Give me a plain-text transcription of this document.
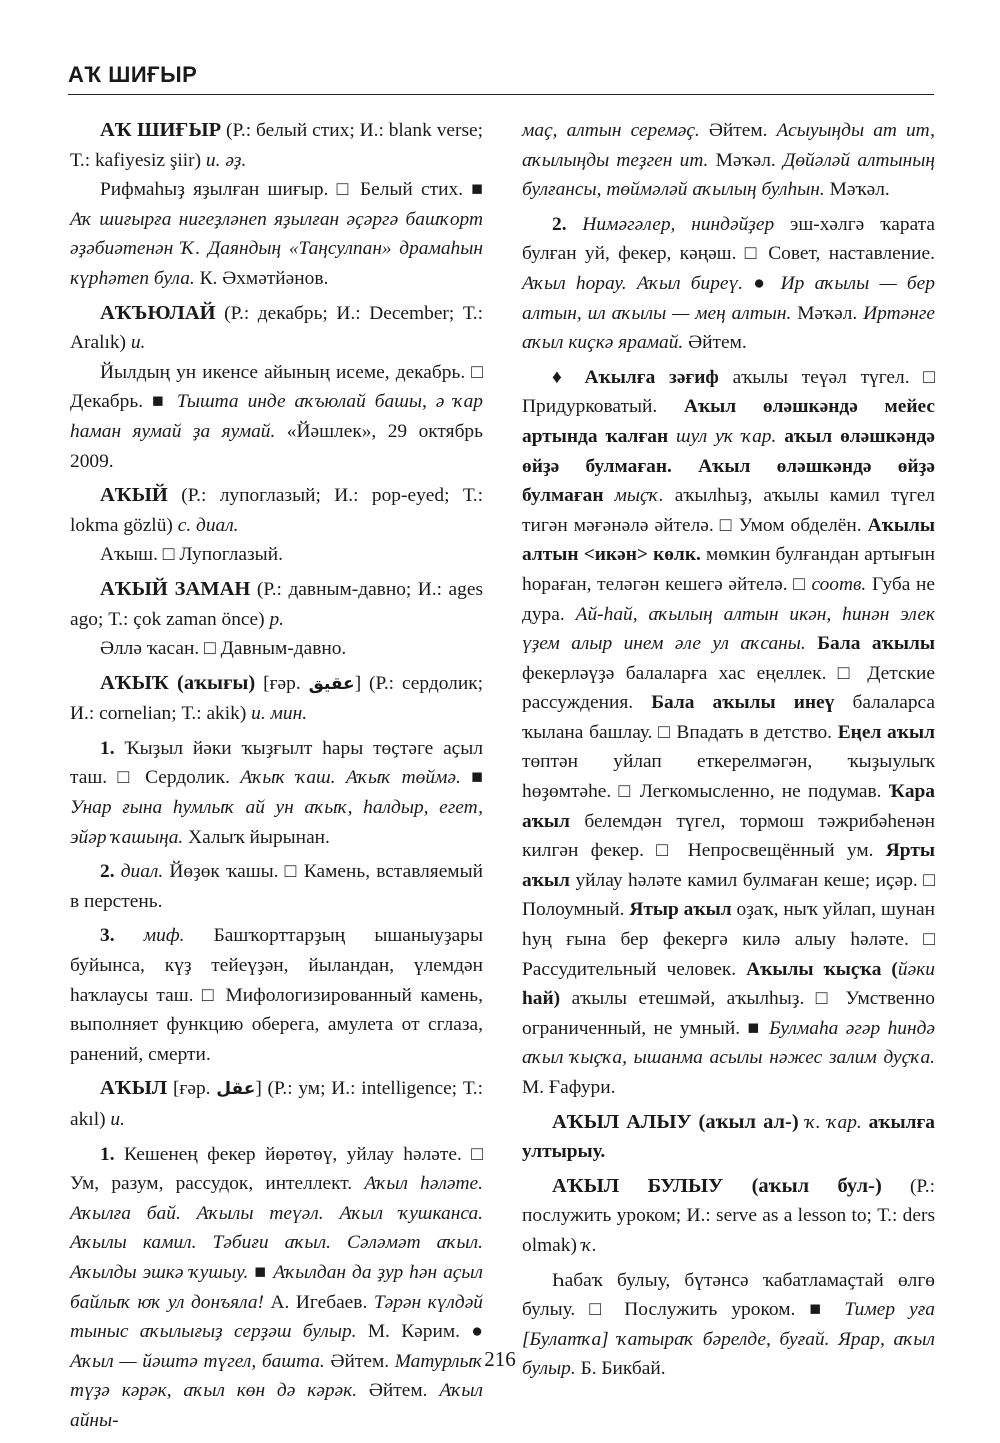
АҠ ШИҒЫР

АҠ ШИҒЫР (Р.: белый стих; И.: blank verse; Т.: kafiyesiz şiir) и. әҙ.
Рифмаһыҙ яҙылған шиғыр. □ Белый стих. ■ Аҡ шиғырға нигеҙләнеп яҙылған әҫәргә башҡорт әҙәбиәтенән Ҡ. Даяндың «Таңсулпан» драмаһын күрһәтеп була. К. Әхмәтйәнов.

АҠЪЮЛАЙ (Р.: декабрь; И.: December; Т.: Aralık) и.
Йылдың ун икенсе айының исеме, декабрь. □ Декабрь. ■ Тышта инде аҡъюлай башы, ә ҡар һаман яумай ҙа яумай. «Йәшлек», 29 октябрь 2009.

АҠЫЙ (Р.: лупоглазый; И.: pop-eyed; Т.: lokma gözlü) с. диал.
Аҡыш. □ Лупоглазый.

АҠЫЙ ЗАМАН (Р.: давным-давно; И.: ages ago; Т.: çok zaman önce) р.
Әллә ҡасан. □ Давным-давно.

АҠЫҠ (аҡығы) [ғәр. عقيق] (Р.: сердолик; И.: cornelian; Т.: akik) и. мин.

1. Ҡыҙыл йәки ҡыҙғылт һары төҫтәге аҫыл таш. □ Сердолик. Аҡыҡ ҡаш. Аҡыҡ төймә. ■ Унар ғына һумлыҡ ай ун аҡыҡ, һалдыр, егет, эйәр ҡашыңа. Халыҡ йырынан.

2. диал. Йөҙөк ҡашы. □ Камень, вставляемый в перстень.

3. миф. Башҡорттарҙың ышаныуҙары буйынса, күҙ тейеүҙән, йыландан, үлемдән һаҡлаусы таш. □ Мифологизированный камень, выполняет функцию оберега, амулета от сглаза, ранений, смерти.

АҠЫЛ [ғәр. عقل] (Р.: ум; И.: intelligence; Т.: akıl) и.

1. Кешенең фекер йөрөтөү, уйлау һәләте. □ Ум, разум, рассудок, интеллект. Аҡыл һәләте. Аҡылға бай. Аҡылы теүәл. Аҡыл ҡушканса. Аҡылы камил. Тәбиғи аҡыл. Сәләмәт аҡыл. Аҡылды эшкә ҡушыу. ■ Аҡылдан да ҙур һән аҫыл байлыҡ юҡ ул донъяла! А. Игебаев. Тәрән күлдәй тыныс аҡылығыҙ серҙәш булыр. М. Кәрим. ● Аҡыл — йәштә түгел, башта. Әйтем. Матурлыҡ түҙә кәрәк, аҡыл көн дә кәрәк. Әйтем. Аҡыл айны-

маҫ, алтын серемәҫ. Әйтем. Асыуыңды ат ит, аҡылыңды теҙген ит. Мәҡәл. Дөйәләй алтының булғансы, төймәләй аҡылың булһын. Мәҡәл.

2. Нимәгәлер, ниндәйҙер эш-хәлгә ҡарата булған уй, фекер, кәңәш. □ Совет, наставление. Аҡыл һорау. Аҡыл биреү. ● Ир аҡылы — бер алтын, ил аҡылы — мең алтын. Мәҡәл. Иртәнге аҡыл киҫкә ярамай. Әйтем.

♦ Аҡылға зәғиф аҡылы теүәл түгел. □ Придурковатый. Аҡыл өләшкәндә мейес артында ҡалған шул уҡ ҡар. аҡыл өләшкәндә өйҙә булмаған. Аҡыл өләшкәндә өйҙә булмаған мыҫҡ. аҡылһыҙ, аҡылы камил түгел тигән мәғәнәлә әйтелә. □ Умом обделён. Аҡылы алтын <икән> көлк. мөмкин булғандан артығын һораған, теләгән кешегә әйтелә. □ соотв. Губа не дура. Ай-һай, аҡылың алтын икән, һинән элек үҙем алыр инем әле ул аҡсаны. Бала аҡылы фекерләүҙә балаларға хас еңеллек. □ Детские рассуждения. Бала аҡылы инеү балаларса ҡылана башлау. □ Впадать в детство. Еңел аҡыл төптән уйлап еткерелмәгән, ҡыҙыулыҡ һөҙөмтәһе. □ Легкомысленно, не подумав. Ҡара аҡыл белемдән түгел, тормош тәжрибәһенән килгән фекер. □ Непросвещённый ум. Ярты аҡыл уйлау һәләте камил булмаған кеше; иҫәр. □ Полоумный. Ятыр аҡыл оҙаҡ, ныҡ уйлап, шунан һуң ғына бер фекергә килә алыу һәләте. □ Рассудительный человек. Аҡылы ҡыҫҡа (йәки һай) аҡылы етешмәй, аҡылһыҙ. □ Умственно ограниченный, не умный. ■ Булмаһа әгәр һиндә аҡыл ҡыҫҡа, ышанма асылы нәжес залим дуҫҡа. М. Ғафури.

АҠЫЛ АЛЫУ (аҡыл ал-) ҡ. ҡар. аҡылға ултырыу.

АҠЫЛ БУЛЫУ (аҡыл бул-) (Р.: послужить уроком; И.: serve as a lesson to; Т.: ders olmak) ҡ.

Һабаҡ булыу, бүтәнсә ҡабатламаҫтай өлгө булыу. □ Послужить уроком. ■ Тимер уға [Булатҡа] ҡатыраҡ бәрелде, буғай. Ярар, аҡыл булыр. Б. Бикбай.

216
